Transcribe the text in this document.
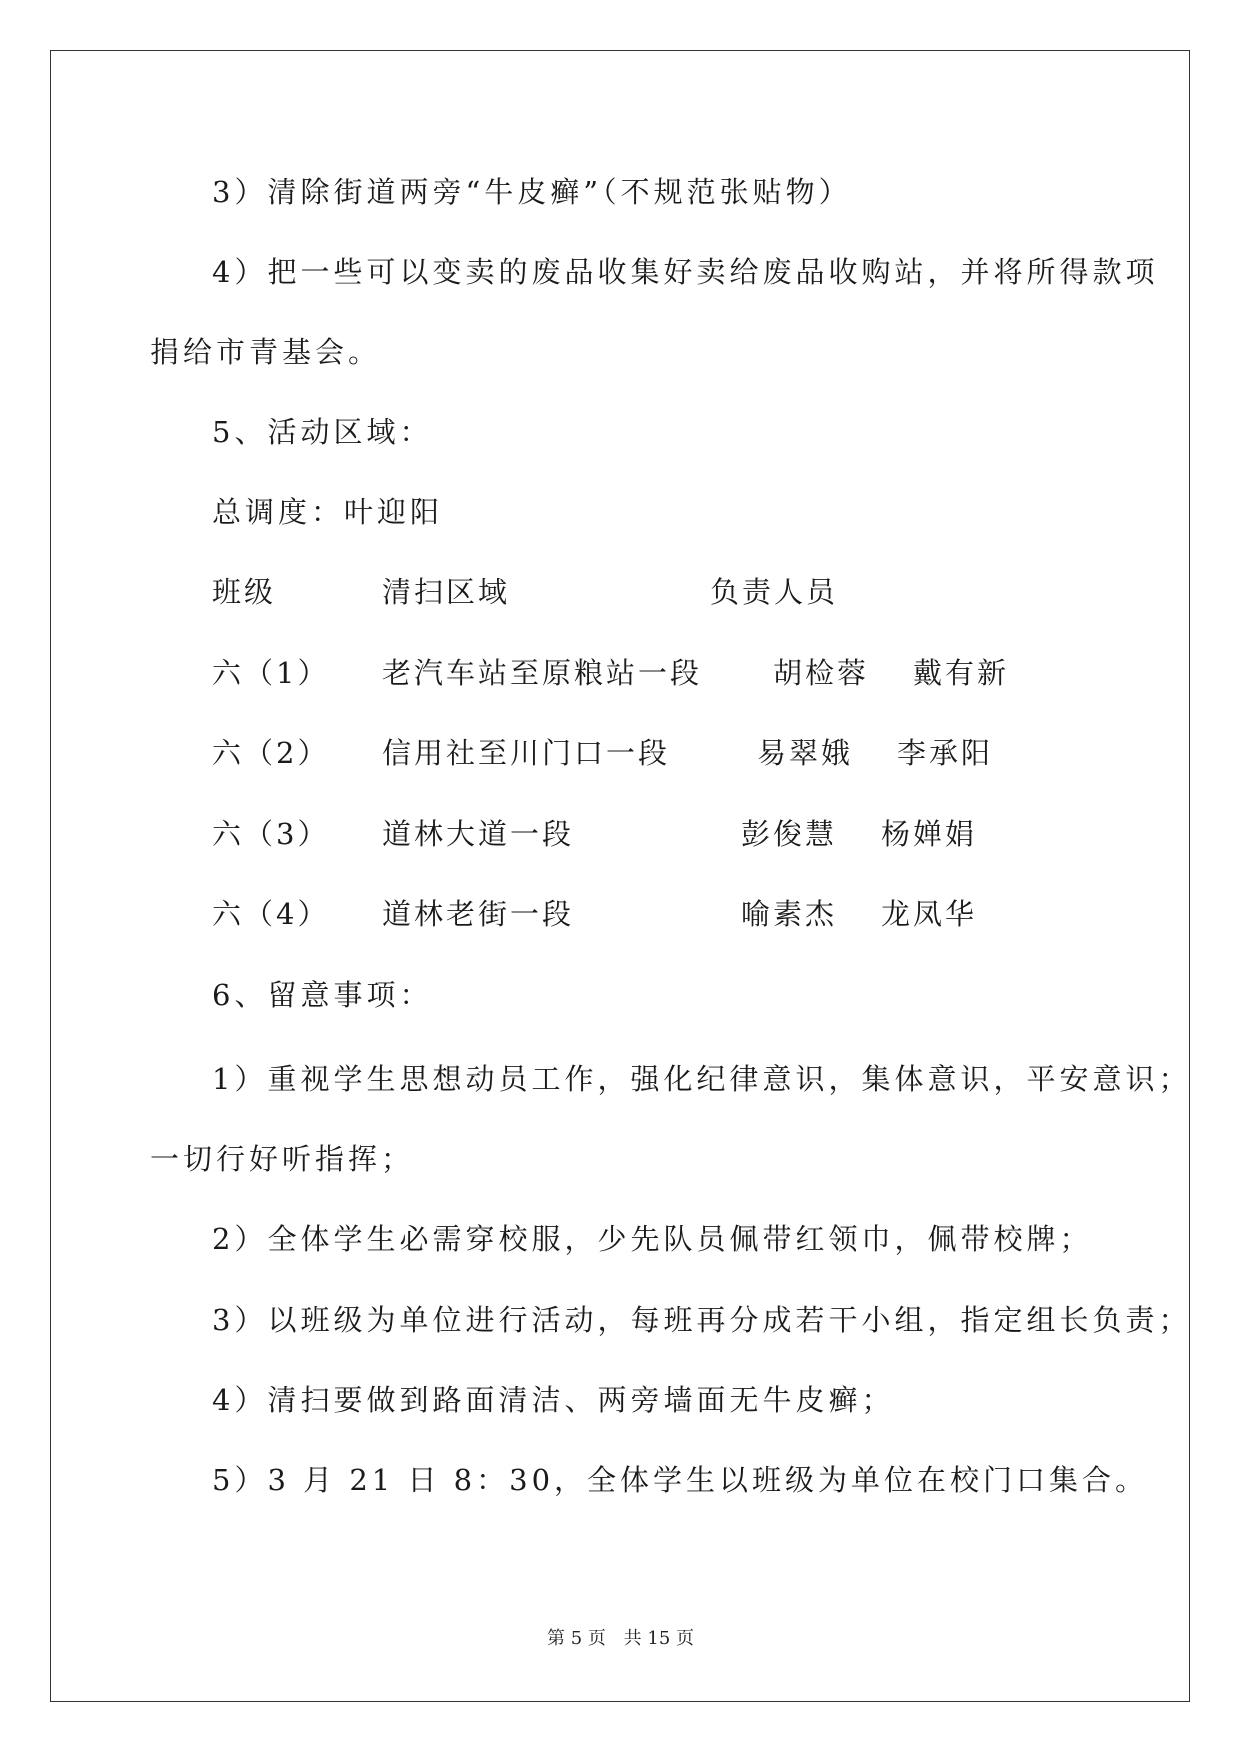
3）清除街道两旁“牛皮癣”（不规范张贴物）
4）把一些可以变卖的废品收集好卖给废品收购站，并将所得款项
捐给市青基会。
5、活动区域：
总调度：叶迎阳
班级	清扫区域	负责人员
六（1） 老汽车站至原粮站一段 胡检蓉 戴有新
六（2） 信用社至川门口一段	易翠娥 李承阳
六（3） 道林大道一段	彭俊慧 杨婵娟
六（4） 道林老街一段	喻素杰 龙凤华
6、留意事项：
1）重视学生思想动员工作，强化纪律意识，集体意识，平安意识；
一切行好听指挥；
2）全体学生必需穿校服，少先队员佩带红领巾，佩带校牌；
3）以班级为单位进行活动，每班再分成若干小组，指定组长负责；
4）清扫要做到路面清洁、两旁墙面无牛皮癣；
5）3 月 21 日 8：30，全体学生以班级为单位在校门口集合。
第 5 页 共 15 页
